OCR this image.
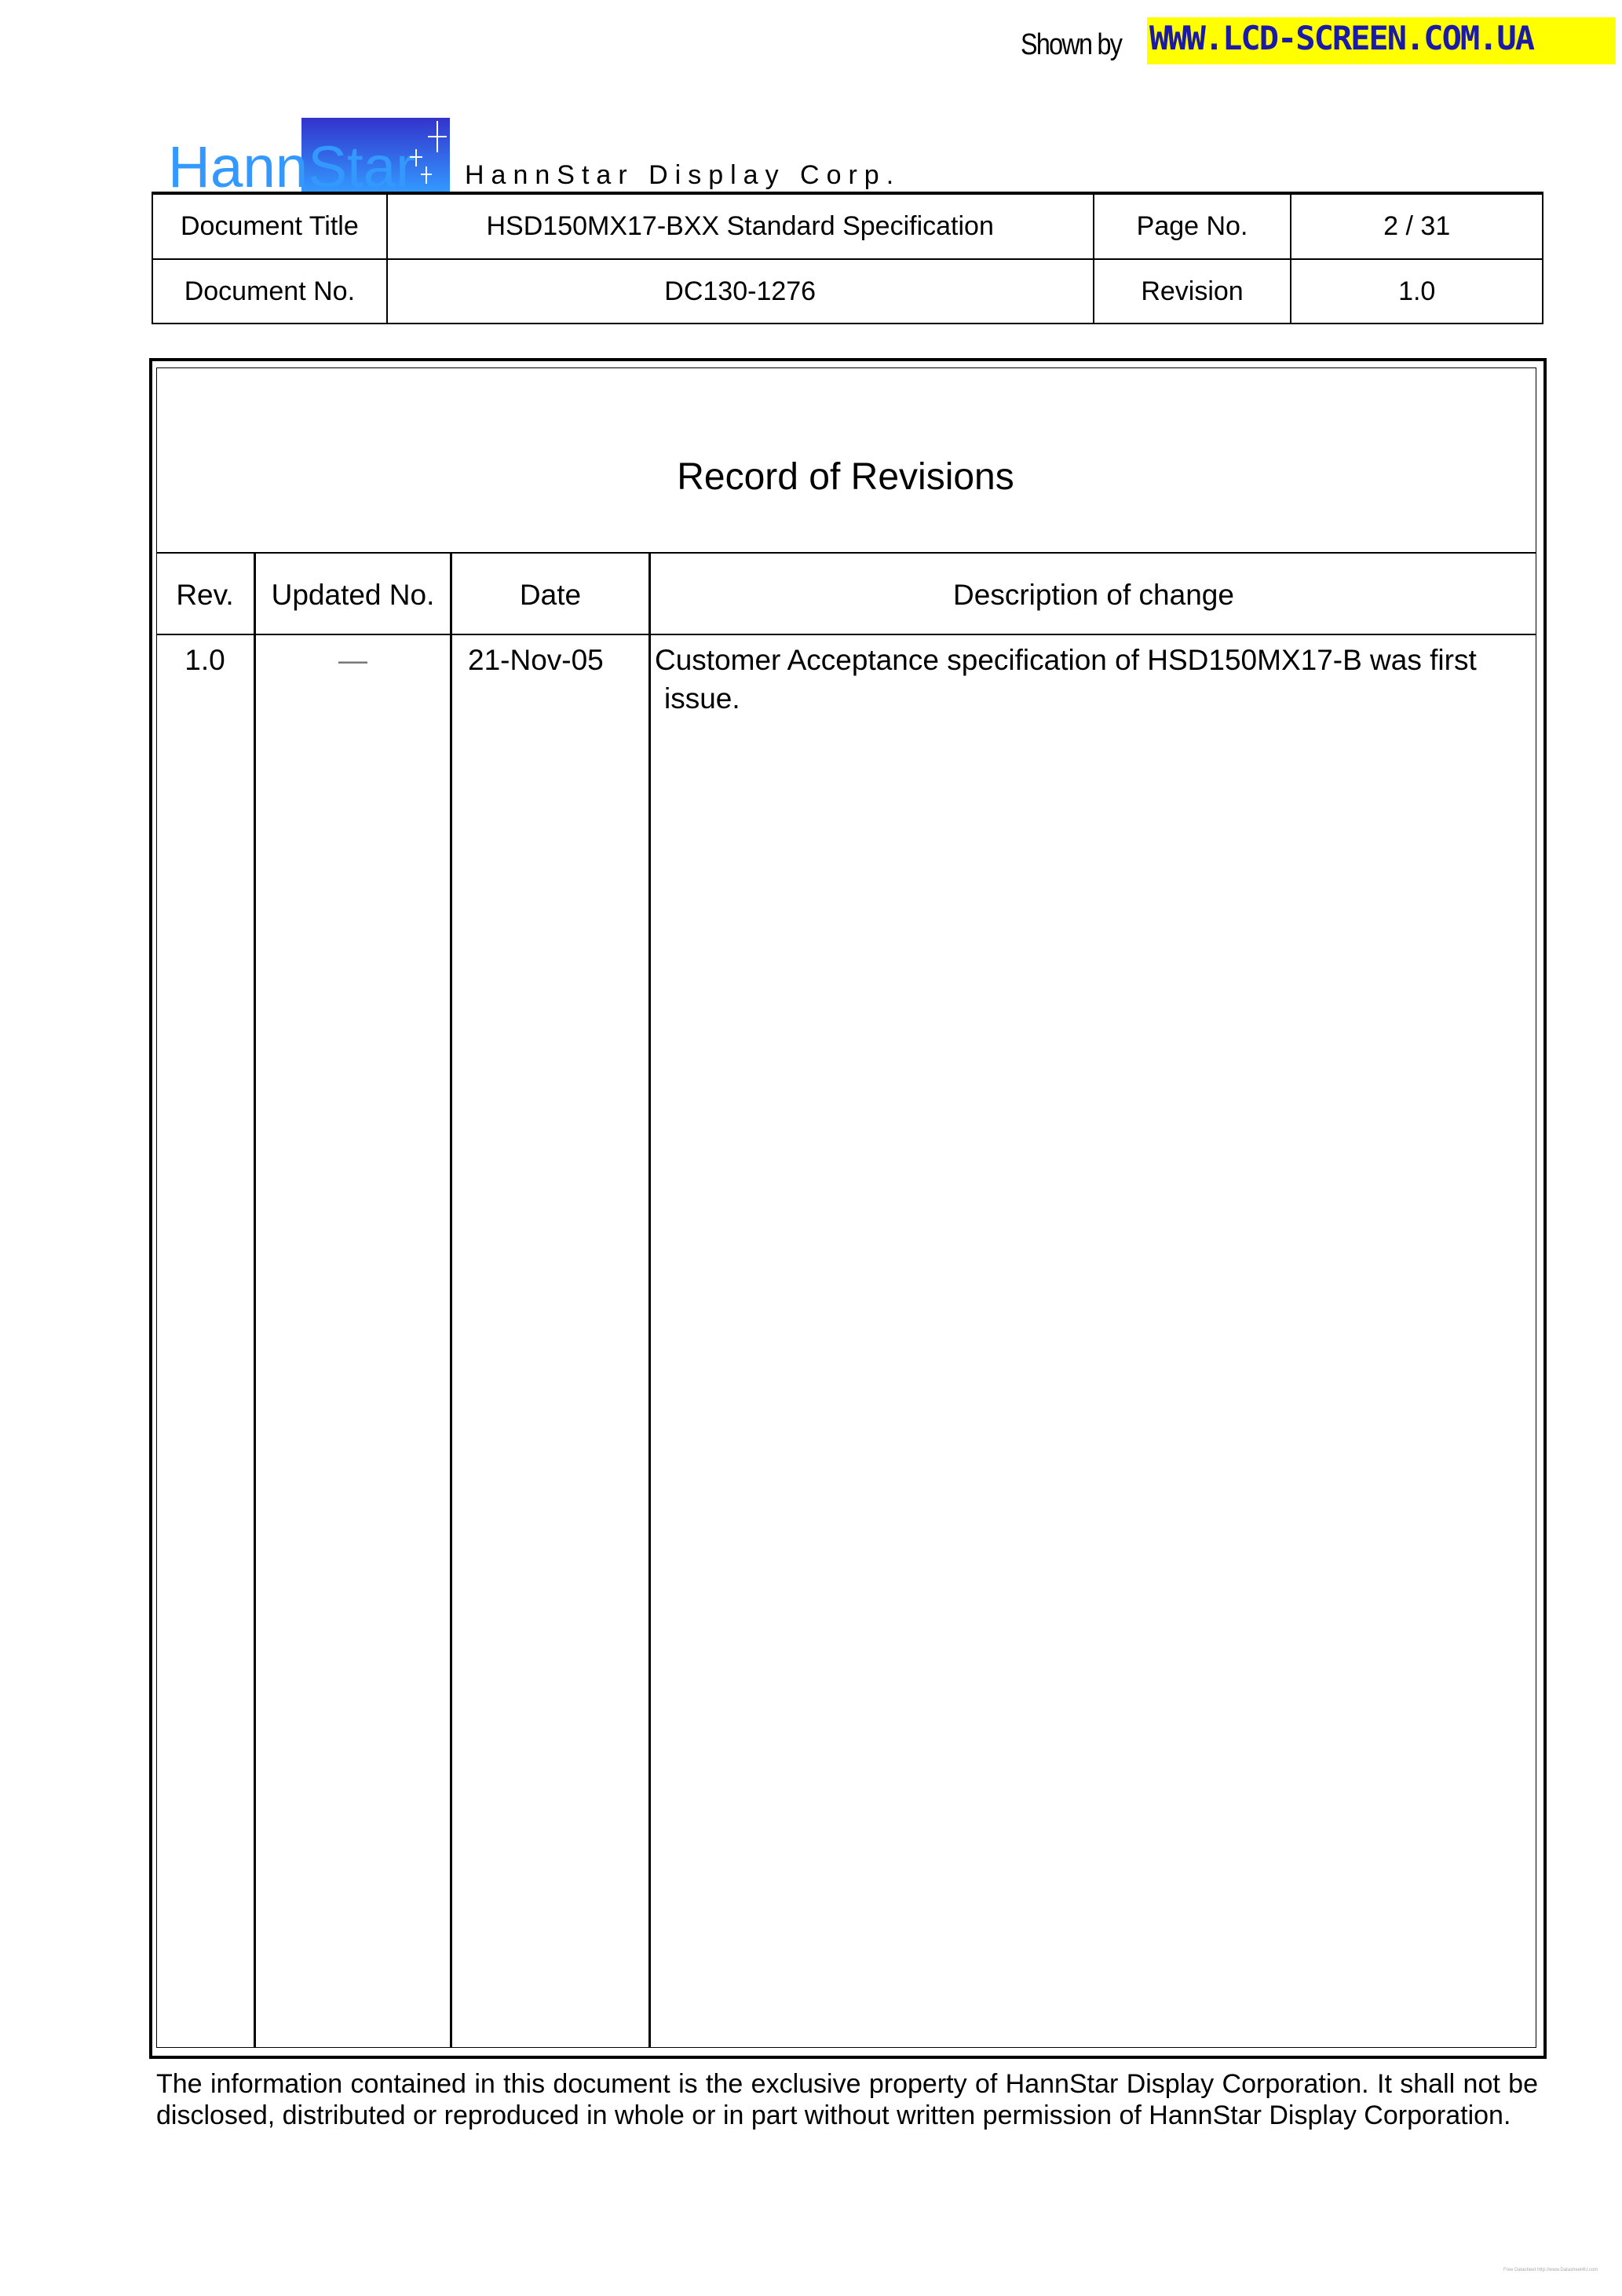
Shown by WWW.LCD-SCREEN.COM.UA
HannStar HannStar Display Corp.
Document Title	HSD150MX17-BXX Standard Specification	Page No.	2 / 31
Document No.	DC130-1276	Revision	1.0
Record of Revisions
Rev.	Updated No.	Date	Description of change
1.0	—	21-Nov-05 Customer Acceptance specification of HSD150MX17-B was first
issue.
The information contained in this document is the exclusive property of HannStar Display Corporation. It shall not be disclosed, distributed or reproduced in whole or in part without written permission of HannStar Display Corporation.
Free Datasheet http://www.Datasheet4U.com
